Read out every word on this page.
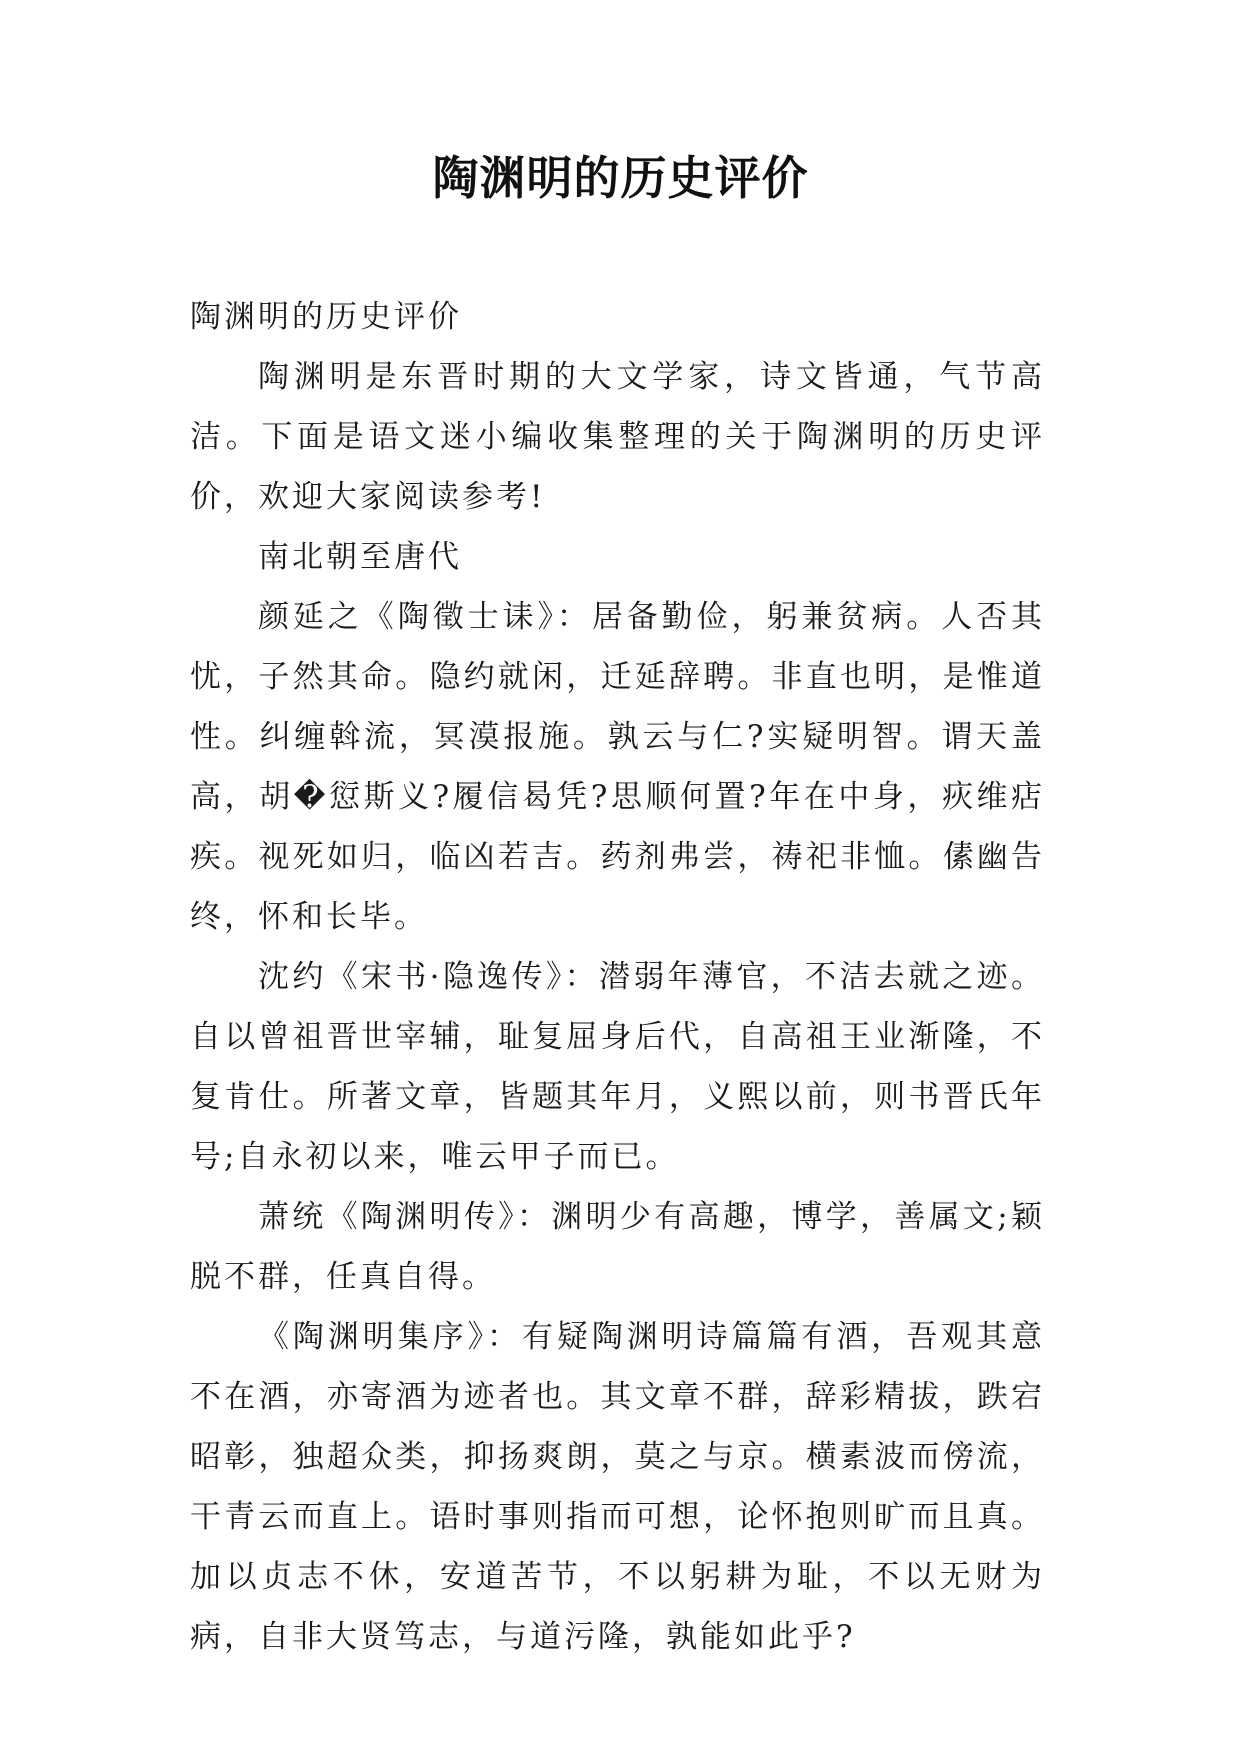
陶渊明的历史评价

陶渊明的历史评价

陶渊明是东晋时期的大文学家，诗文皆通，气节高洁。下面是语文迷小编收集整理的关于陶渊明的历史评价，欢迎大家阅读参考!

南北朝至唐代

颜延之《陶徵士诔》：居备勤俭，躬兼贫病。人否其忧，子然其命。隐约就闲，迁延辞聘。非直也明，是惟道性。纠缠斡流，冥漠报施。孰云与仁?实疑明智。谓天盖高，胡�愆斯义?履信曷凭?思顺何置?年在中身，疢维痁疾。视死如归，临凶若吉。药剂弗尝，祷祀非恤。傃幽告终，怀和长毕。

沈约《宋书·隐逸传》：潜弱年薄官，不洁去就之迹。自以曾祖晋世宰辅，耻复屈身后代，自高祖王业渐隆，不复肯仕。所著文章，皆题其年月，义熙以前，则书晋氏年号;自永初以来，唯云甲子而已。

萧统《陶渊明传》：渊明少有高趣，博学，善属文;颖脱不群，任真自得。

《陶渊明集序》：有疑陶渊明诗篇篇有酒，吾观其意不在酒，亦寄酒为迹者也。其文章不群，辞彩精拔，跌宕昭彰，独超众类，抑扬爽朗，莫之与京。横素波而傍流，干青云而直上。语时事则指而可想，论怀抱则旷而且真。加以贞志不休，安道苦节，不以躬耕为耻，不以无财为病，自非大贤笃志，与道污隆，孰能如此乎?
